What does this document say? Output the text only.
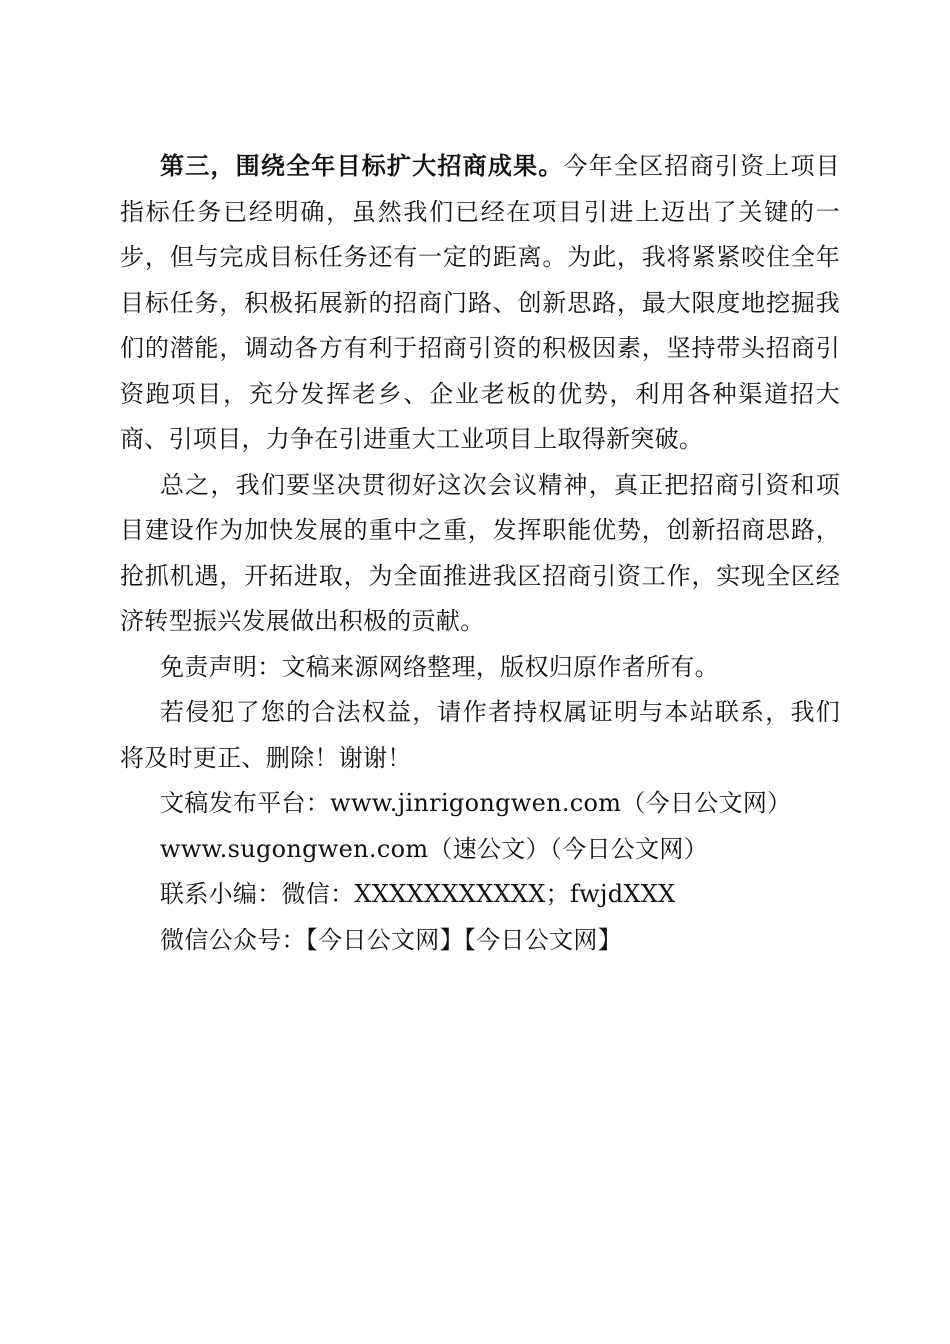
第三，围绕全年目标扩大招商成果。今年全区招商引资上项目指标任务已经明确，虽然我们已经在项目引进上迈出了关键的一步，但与完成目标任务还有一定的距离。为此，我将紧紧咬住全年目标任务，积极拓展新的招商门路、创新思路，最大限度地挖掘我们的潜能，调动各方有利于招商引资的积极因素，坚持带头招商引资跑项目，充分发挥老乡、企业老板的优势，利用各种渠道招大商、引项目，力争在引进重大工业项目上取得新突破。

总之，我们要坚决贯彻好这次会议精神，真正把招商引资和项目建设作为加快发展的重中之重，发挥职能优势，创新招商思路，抢抓机遇，开拓进取，为全面推进我区招商引资工作，实现全区经济转型振兴发展做出积极的贡献。

免责声明：文稿来源网络整理，版权归原作者所有。

若侵犯了您的合法权益，请作者持权属证明与本站联系，我们将及时更正、删除！谢谢！

文稿发布平台：www.jinrigongwen.com（今日公文网）

www.sugongwen.com（速公文）（今日公文网）

联系小编：微信：XXXXXXXXXXX；fwjdXXX

微信公众号：【今日公文网】【今日公文网】
